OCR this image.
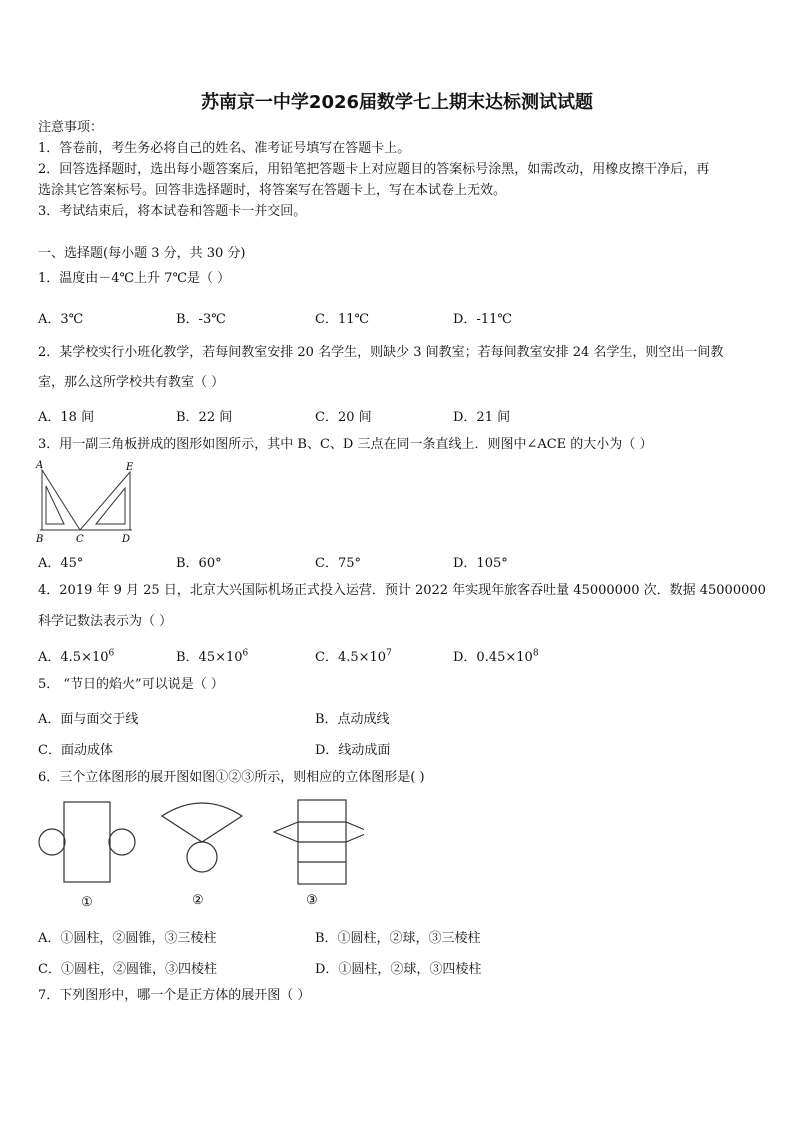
苏南京一中学2026届数学七上期末达标测试试题
注意事项：
1．答卷前，考生务必将自己的姓名、准考证号填写在答题卡上。
2．回答选择题时，选出每小题答案后，用铅笔把答题卡上对应题目的答案标号涂黑，如需改动，用橡皮擦干净后，再
选涂其它答案标号。回答非选择题时，将答案写在答题卡上，写在本试卷上无效。
3．考试结束后，将本试卷和答题卡一并交回。
一、选择题(每小题 3 分，共 30 分)
1．温度由－4℃上升 7℃是（ ）
A．3℃	B．-3℃	C．11℃	D．-11℃
2．某学校实行小班化教学，若每间教室安排 20 名学生，则缺少 3 间教室；若每间教室安排 24 名学生，则空出一间教
室，那么这所学校共有教室（ ）
A．18 间	B．22 间	C．20 间	D．21 间
3．用一副三角板拼成的图形如图所示，其中 B、C、D 三点在同一条直线上．则图中∠ACE 的大小为（ ）
A
B	C	D
E
A．45°	B．60°	C．75°	D．105°
4．2019 年 9 月 25 日，北京大兴国际机场正式投入运营．预计 2022 年实现年旅客吞吐量 45000000 次．数据 45000000
科学记数法表示为（ ）
A．$4.5\times 10^6$	B．$45\times 10^6$	C．$4.5\times 10^7$	D．$0.45\times 10^8$
5． “节日的焰火”可以说是（ ）
A．面与面交于线	B．点动成线
C．面动成体	D．线动成面
6．三个立体图形的展开图如图①②③所示，则相应的立体图形是( )
①	②	③
A．①圆柱，②圆锥，③三棱柱	B．①圆柱，②球，③三棱柱
C．①圆柱，②圆锥，③四棱柱	D．①圆柱，②球，③四棱柱
7．下列图形中，哪一个是正方体的展开图（ ）
